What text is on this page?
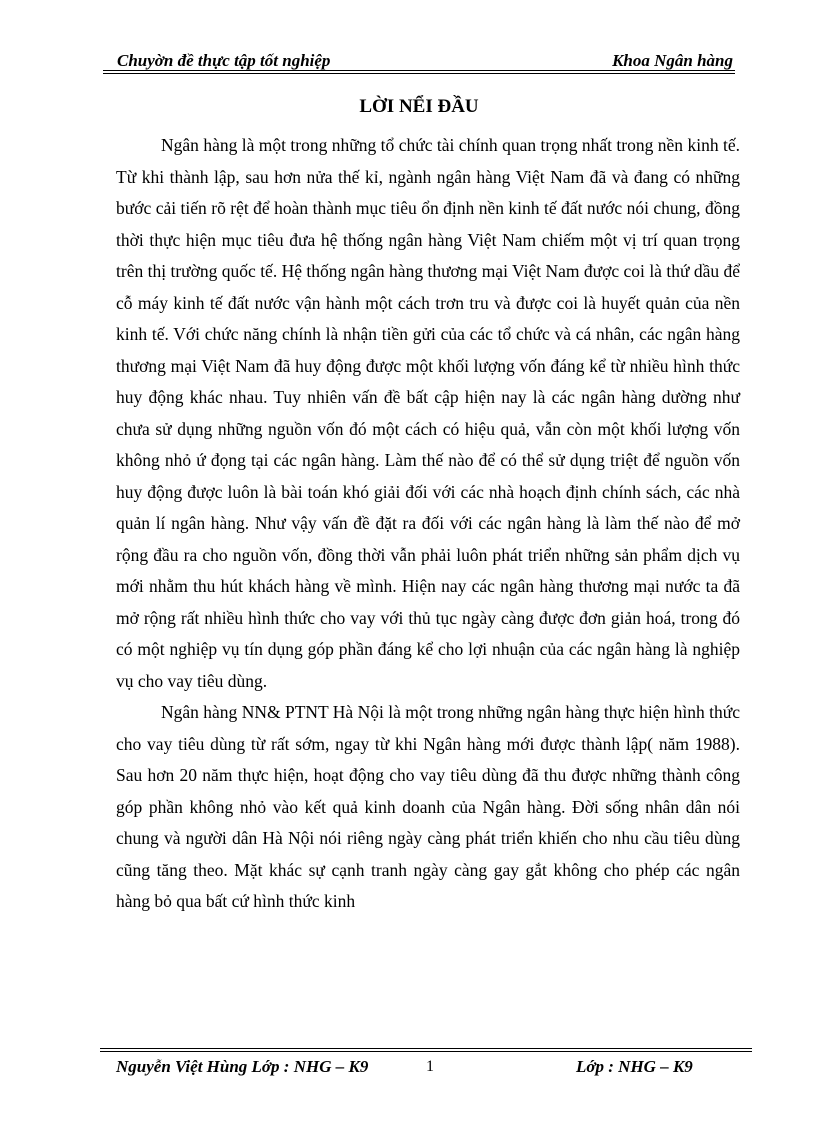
Chuyờn đề thực tập tốt nghiệp	Khoa Ngân hàng
LỜI NỂI ĐẦU

Ngân hàng là một trong những tổ chức tài chính quan trọng nhất trong nền kinh tế. Từ khi thành lập, sau hơn nửa thế kỉ, ngành ngân hàng Việt Nam đã và đang có những bước cải tiến rõ rệt để hoàn thành mục tiêu ổn định nền kinh tế đất nước nói chung, đồng thời thực hiện mục tiêu đưa hệ thống ngân hàng Việt Nam chiếm một vị trí quan trọng trên thị trường quốc tế. Hệ thống ngân hàng thương mại Việt Nam được coi là thứ dầu để cỗ máy kinh tế đất nước vận hành một cách trơn tru và được coi là huyết quản của nền kinh tế. Với chức năng chính là nhận tiền gửi của các tổ chức và cá nhân, các ngân hàng thương mại Việt Nam đã huy động được một khối lượng vốn đáng kể từ nhiều hình thức huy động khác nhau. Tuy nhiên vấn đề bất cập hiện nay là các ngân hàng dường như chưa sử dụng những nguồn vốn đó một cách có hiệu quả, vẫn còn một khối lượng vốn không nhỏ ứ đọng tại các ngân hàng. Làm thế nào để có thể sử dụng triệt để nguồn vốn huy động được luôn là bài toán khó giải đối với các nhà hoạch định chính sách, các nhà quản lí ngân hàng. Như vậy vấn đề đặt ra đối với các ngân hàng là làm thế nào để mở rộng đầu ra cho nguồn vốn, đồng thời vẫn phải luôn phát triển những sản phẩm dịch vụ mới nhằm thu hút khách hàng về mình. Hiện nay các ngân hàng thương mại nước ta đã mở rộng rất nhiều hình thức cho vay với thủ tục ngày càng được đơn giản hoá, trong đó có một nghiệp vụ tín dụng góp phần đáng kể cho lợi nhuận của các ngân hàng là nghiệp vụ cho vay tiêu dùng.

Ngân hàng NN& PTNT Hà Nội là một trong những ngân hàng thực hiện hình thức cho vay tiêu dùng từ rất sớm, ngay từ khi Ngân hàng mới được thành lập( năm 1988). Sau hơn 20 năm thực hiện, hoạt động cho vay tiêu dùng đã thu được những thành công góp phần không nhỏ vào kết quả kinh doanh của Ngân hàng. Đời sống nhân dân nói chung và người dân Hà Nội nói riêng ngày càng phát triển khiến cho nhu cầu tiêu dùng cũng tăng theo. Mặt khác sự cạnh tranh ngày càng gay gắt không cho phép các ngân hàng bỏ qua bất cứ hình thức kinh

Nguyễn Việt Hùng Lớp : NHG – K9	1	Lớp : NHG – K9
